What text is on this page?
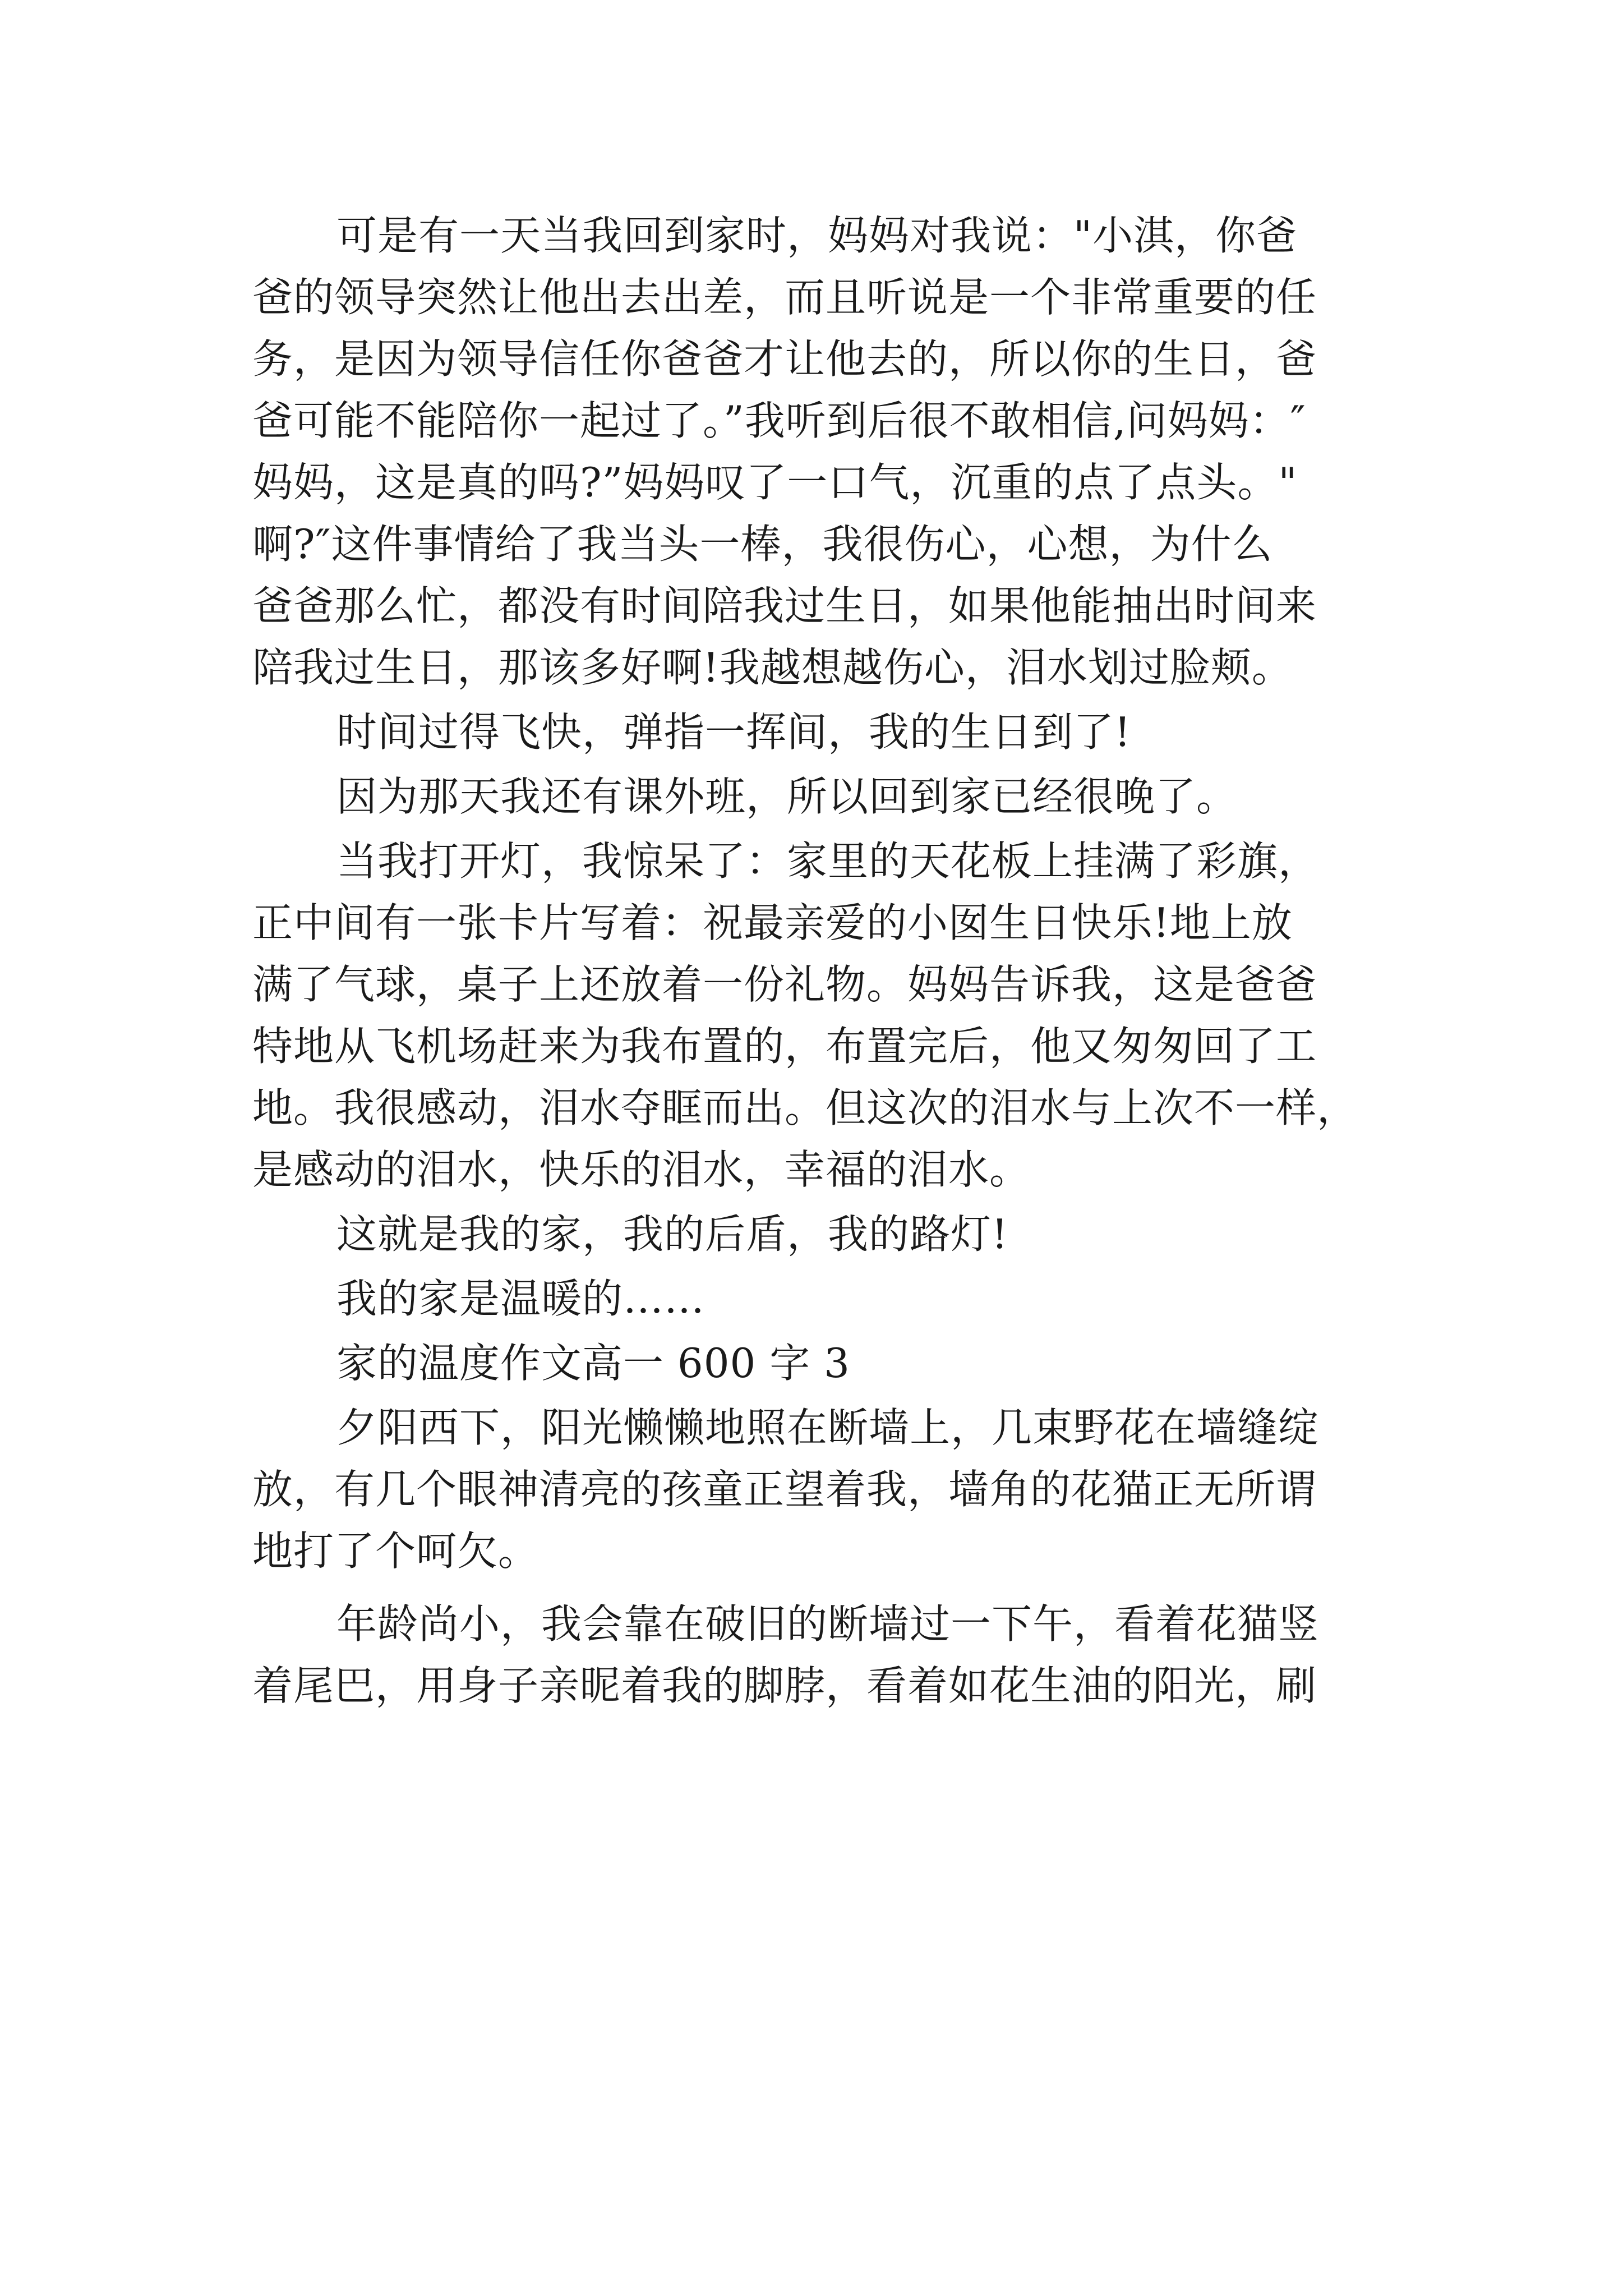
可是有一天当我回到家时，妈妈对我说："小淇，你爸
爸的领导突然让他出去出差，而且听说是一个非常重要的任
务，是因为领导信任你爸爸才让他去的，所以你的生日，爸
爸可能不能陪你一起过了。”我听到后很不敢相信,问妈妈：″
妈妈，这是真的吗?”妈妈叹了一口气，沉重的点了点头。"
啊?″这件事情给了我当头一棒，我很伤心，心想，为什么
爸爸那么忙，都没有时间陪我过生日，如果他能抽出时间来
陪我过生日，那该多好啊!我越想越伤心，泪水划过脸颊。
时间过得飞快，弹指一挥间，我的生日到了!
因为那天我还有课外班，所以回到家已经很晚了。
当我打开灯，我惊呆了：家里的天花板上挂满了彩旗，
正中间有一张卡片写着：祝最亲爱的小囡生日快乐!地上放
满了气球，桌子上还放着一份礼物。妈妈告诉我，这是爸爸
特地从飞机场赶来为我布置的，布置完后，他又匆匆回了工
地。我很感动，泪水夺眶而出。但这次的泪水与上次不一样，
是感动的泪水，快乐的泪水，幸福的泪水。
这就是我的家，我的后盾，我的路灯!
我的家是温暖的……
家的温度作文高一 600 字 3
夕阳西下，阳光懒懒地照在断墙上，几束野花在墙缝绽
放，有几个眼神清亮的孩童正望着我，墙角的花猫正无所谓
地打了个呵欠。
年龄尚小，我会靠在破旧的断墙过一下午，看着花猫竖
着尾巴，用身子亲昵着我的脚脖，看着如花生油的阳光，刷
